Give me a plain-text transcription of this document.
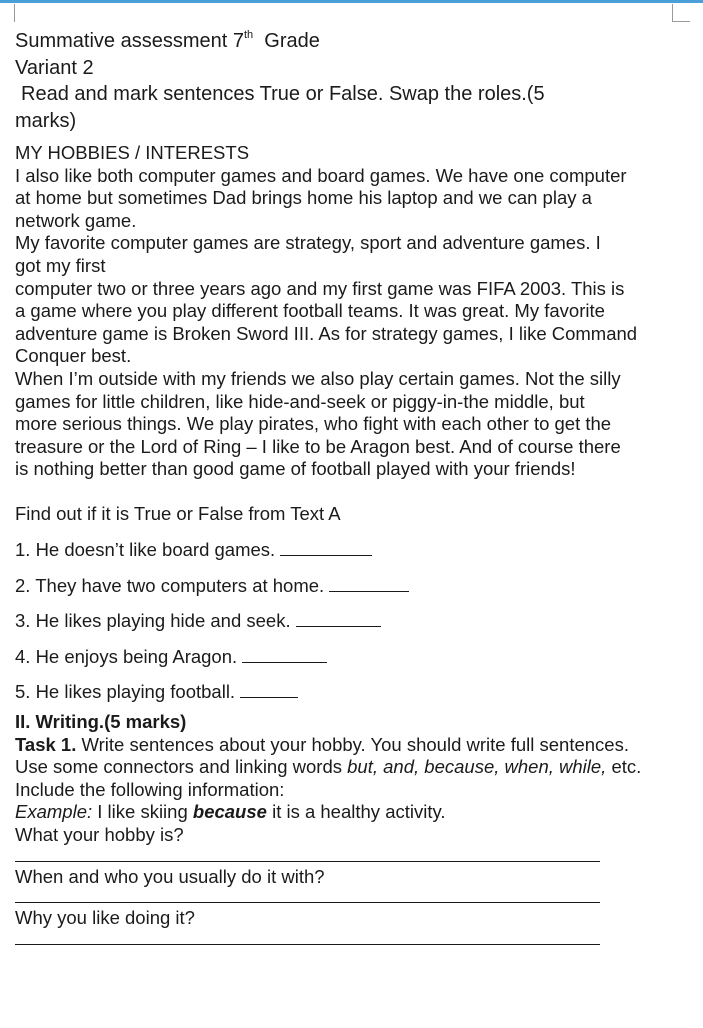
Summative assessment 7th Grade

Variant 2

Read and mark sentences True or False. Swap the roles.(5

marks)

MY HOBBIES / INTERESTS

I also like both computer games and board games. We have one computer

at home but sometimes Dad brings home his laptop and we can play a

network game.

My favorite computer games are strategy, sport and adventure games. I

got my first

computer two or three years ago and my first game was FIFA 2003. This is

a game where you play different football teams. It was great. My favorite

adventure game is Broken Sword III. As for strategy games, I like Command

Conquer best.

When I’m outside with my friends we also play certain games. Not the silly

games for little children, like hide-and-seek or piggy-in-the middle, but

more serious things. We play pirates, who fight with each other to get the

treasure or the Lord of Ring – I like to be Aragon best. And of course there

is nothing better than good game of football played with your friends!

Find out if it is True or False from Text A

1. He doesn’t like board games.

2. They have two computers at home.

3. He likes playing hide and seek.

4. He enjoys being Aragon.

5. He likes playing football.

II. Writing.(5 marks)

Task 1. Write sentences about your hobby. You should write full sentences.

Use some connectors and linking words but, and, because, when, while, etc.

Include the following information:

Example: I like skiing because it is a healthy activity.

What your hobby is?

When and who you usually do it with?

Why you like doing it?
